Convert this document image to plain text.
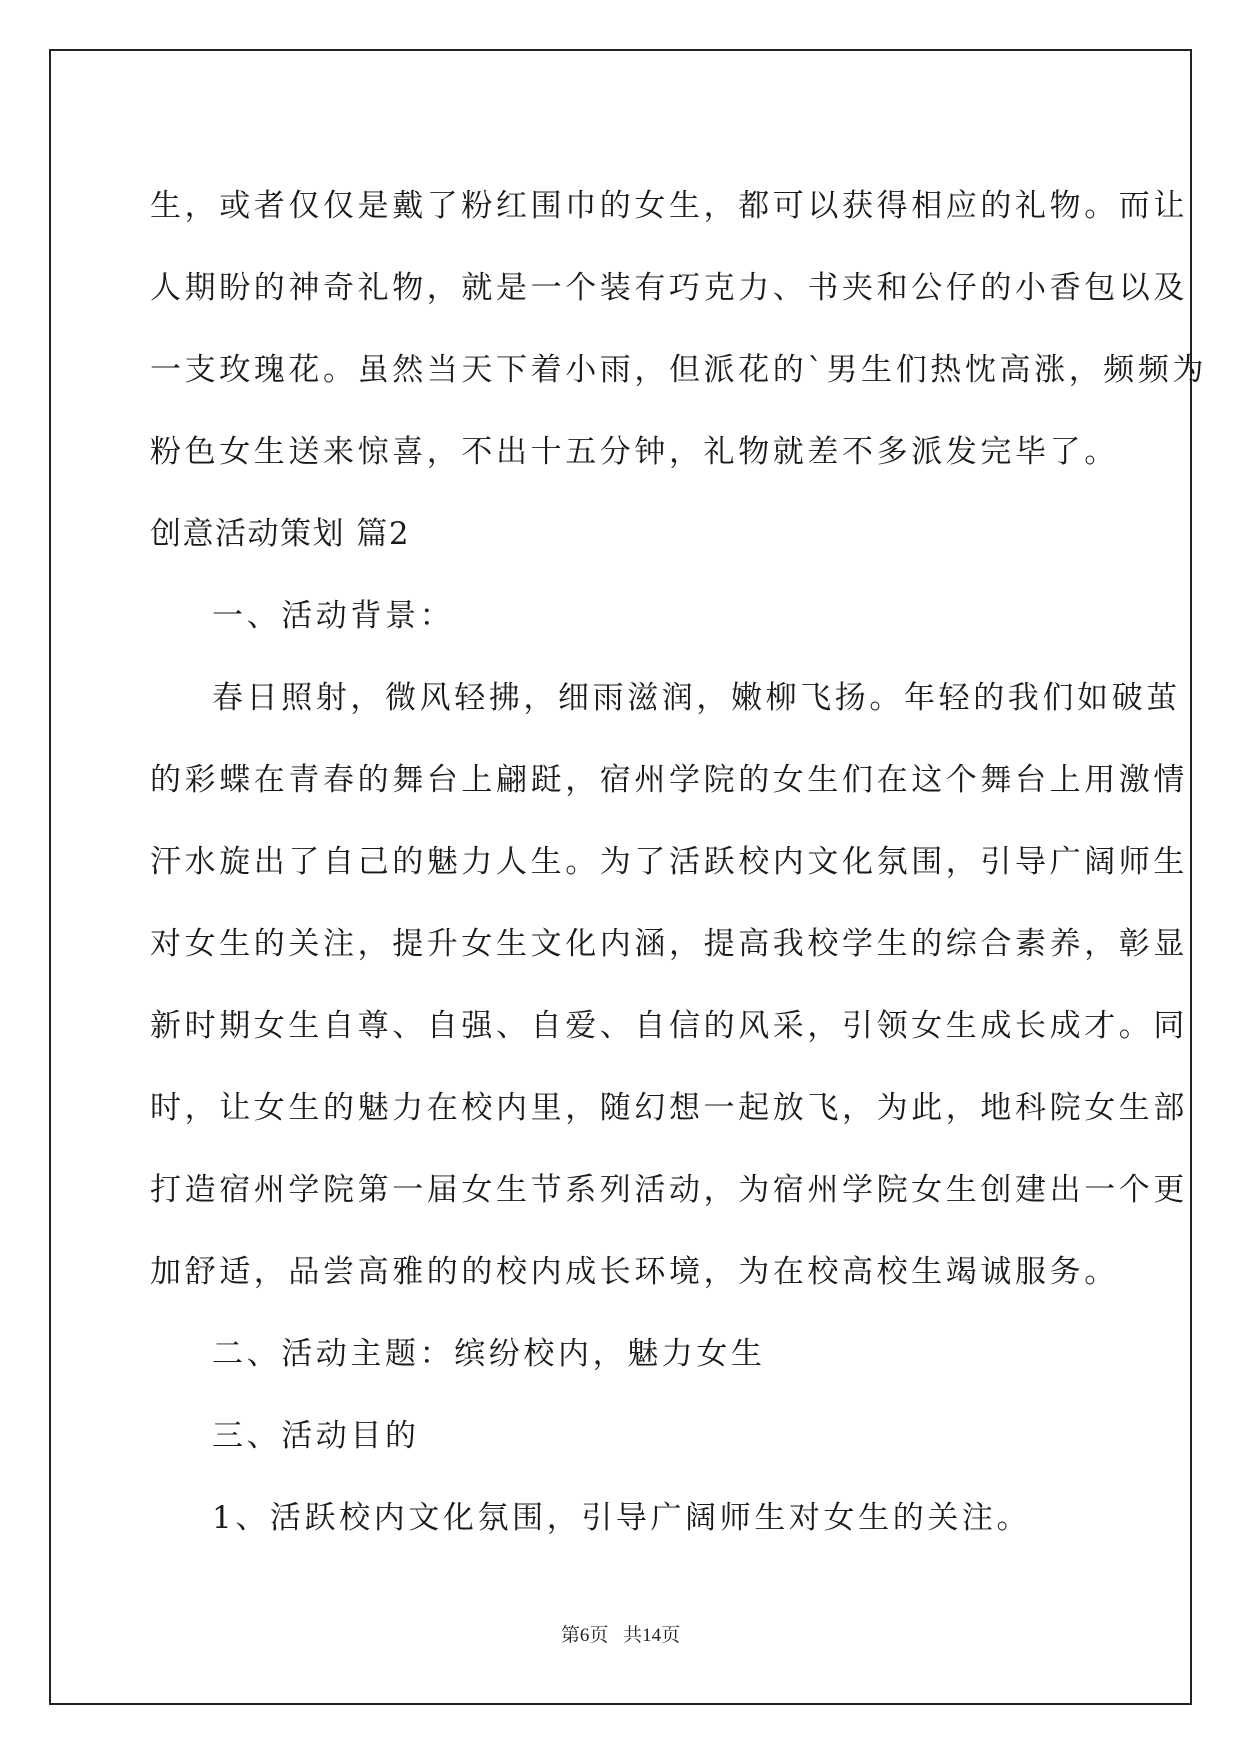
生，或者仅仅是戴了粉红围巾的女生，都可以获得相应的礼物。而让
人期盼的神奇礼物，就是一个装有巧克力、书夹和公仔的小香包以及
一支玫瑰花。虽然当天下着小雨，但派花的`男生们热忱高涨，频频为
粉色女生送来惊喜，不出十五分钟，礼物就差不多派发完毕了。
创意活动策划 篇2
一、活动背景：
春日照射，微风轻拂，细雨滋润，嫩柳飞扬。年轻的我们如破茧
的彩蝶在青春的舞台上翩跹，宿州学院的女生们在这个舞台上用激情
汗水旋出了自己的魅力人生。为了活跃校内文化氛围，引导广阔师生
对女生的关注，提升女生文化内涵，提高我校学生的综合素养，彰显
新时期女生自尊、自强、自爱、自信的风采，引领女生成长成才。同
时，让女生的魅力在校内里，随幻想一起放飞，为此，地科院女生部
打造宿州学院第一届女生节系列活动，为宿州学院女生创建出一个更
加舒适，品尝高雅的的校内成长环境，为在校高校生竭诚服务。
二、活动主题：缤纷校内，魅力女生
三、活动目的
1、活跃校内文化氛围，引导广阔师生对女生的关注。
第6页 共14页
